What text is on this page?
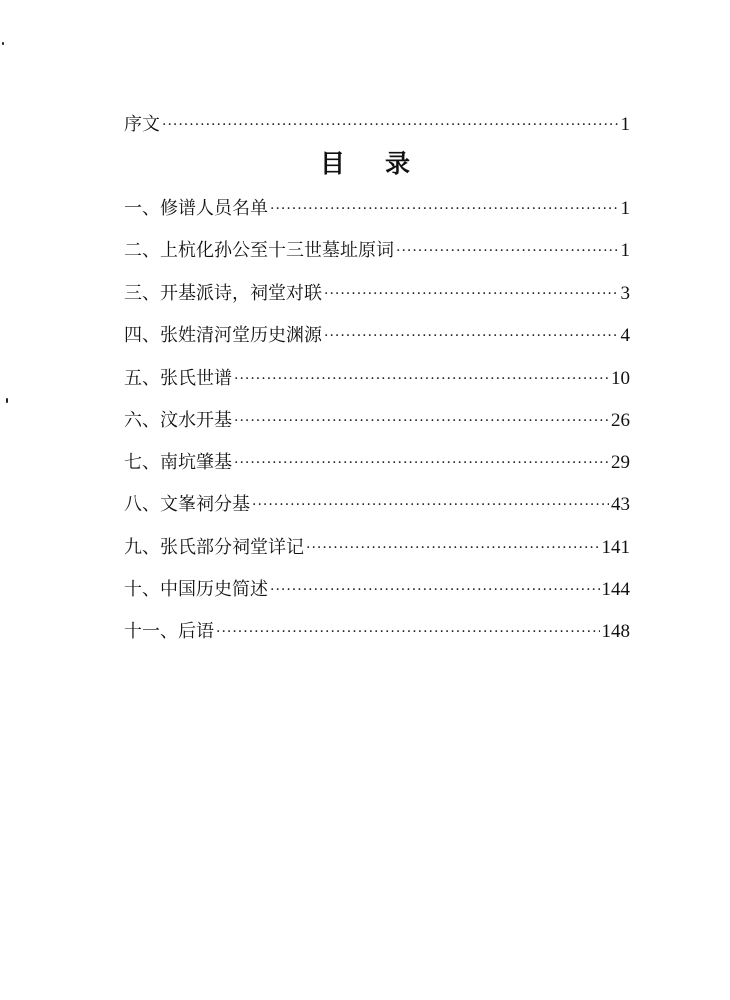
序文 ·····	1
目录
一、修谱人员名单 ·····	1
二、上杭化孙公至十三世墓址原词 ·····	1
三、开基派诗，祠堂对联 ·····	3
四、张姓清河堂历史渊源 ·····	4
五、张氏世谱 ·····	10
六、汶水开基 ·····	26
七、南坑肇基 ·····	29
八、文峯祠分基 ·····	43
九、张氏部分祠堂详记 ·····	141
十、中国历史简述 ·····	144
十一、后语 ·····	148
